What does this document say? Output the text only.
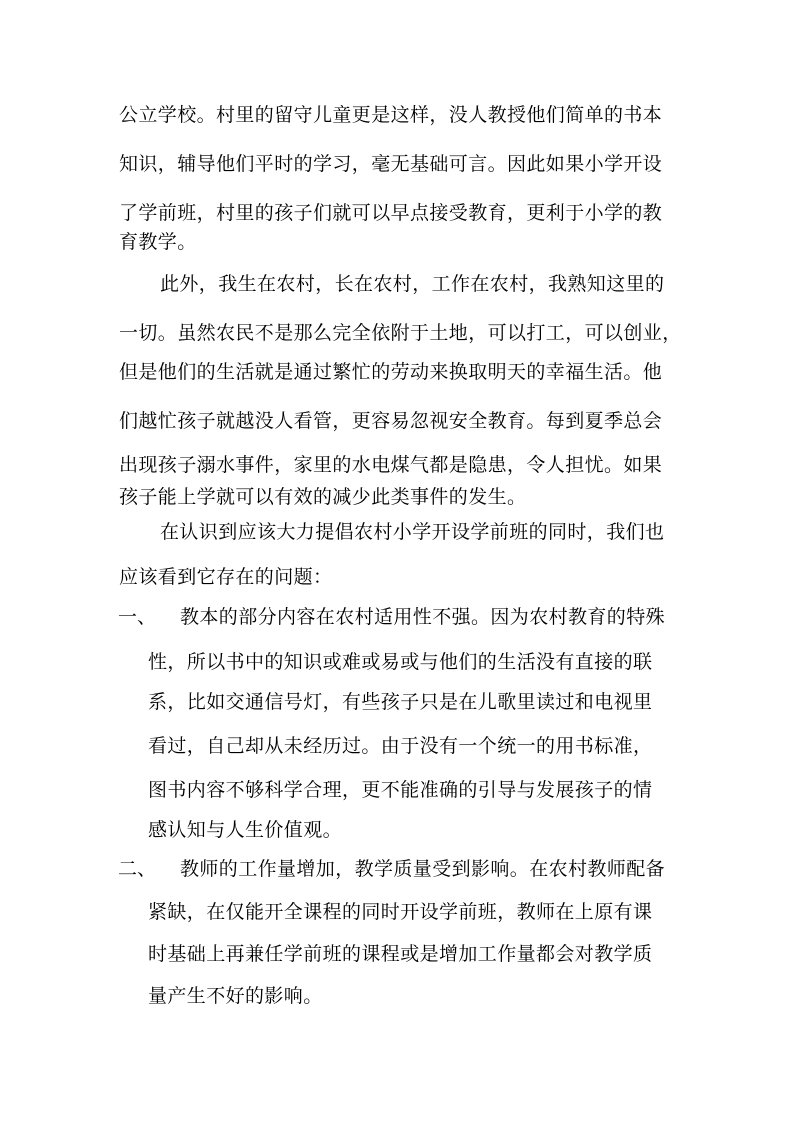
公立学校。村里的留守儿童更是这样，没人教授他们简单的书本
知识，辅导他们平时的学习，毫无基础可言。因此如果小学开设
了学前班，村里的孩子们就可以早点接受教育，更利于小学的教
育教学。
此外，我生在农村，长在农村，工作在农村，我熟知这里的
一切。虽然农民不是那么完全依附于土地，可以打工，可以创业，
但是他们的生活就是通过繁忙的劳动来换取明天的幸福生活。他
们越忙孩子就越没人看管，更容易忽视安全教育。每到夏季总会
出现孩子溺水事件，家里的水电煤气都是隐患，令人担忧。如果
孩子能上学就可以有效的减少此类事件的发生。
在认识到应该大力提倡农村小学开设学前班的同时，我们也
应该看到它存在的问题：
一、 教本的部分内容在农村适用性不强。因为农村教育的特殊
性，所以书中的知识或难或易或与他们的生活没有直接的联
系，比如交通信号灯，有些孩子只是在儿歌里读过和电视里
看过，自己却从未经历过。由于没有一个统一的用书标准，
图书内容不够科学合理，更不能准确的引导与发展孩子的情
感认知与人生价值观。
二、 教师的工作量增加，教学质量受到影响。在农村教师配备
紧缺，在仅能开全课程的同时开设学前班，教师在上原有课
时基础上再兼任学前班的课程或是增加工作量都会对教学质
量产生不好的影响。
